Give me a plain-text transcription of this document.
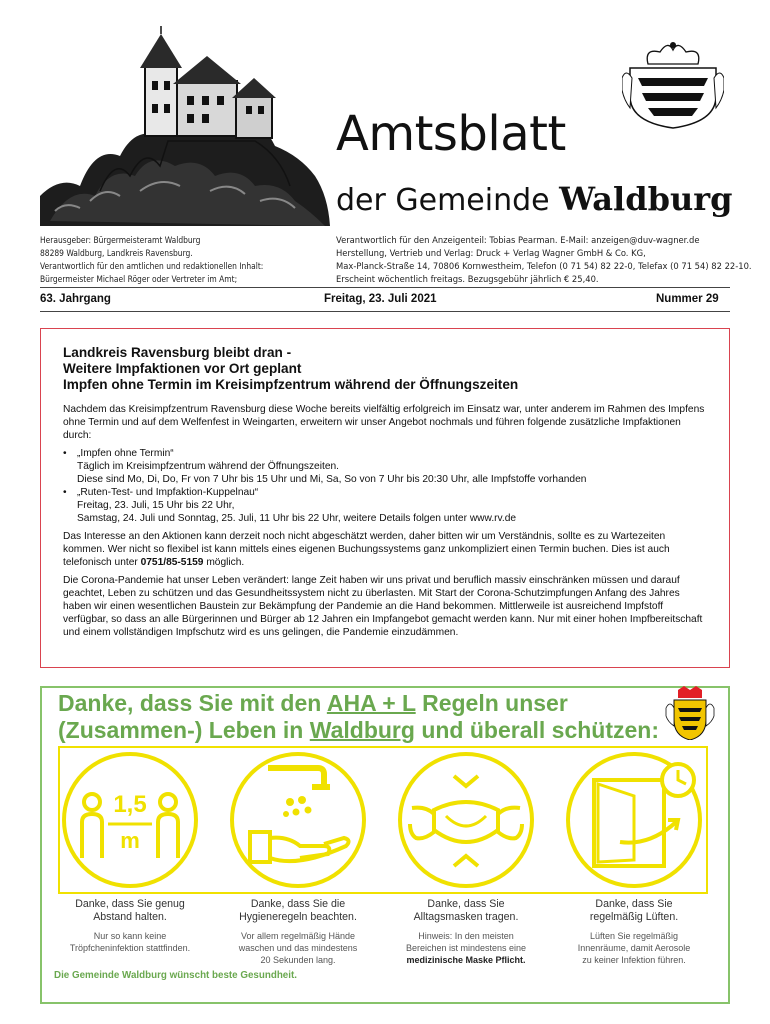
Amtsblatt
der Gemeinde Waldburg
Herausgeber: Bürgermeisteramt Waldburg
88289 Waldburg, Landkreis Ravensburg.
Verantwortlich für den amtlichen und redaktionellen Inhalt:
Bürgermeister Michael Röger oder Vertreter im Amt;
Verantwortlich für den Anzeigenteil: Tobias Pearman. E-Mail: anzeigen@duv-wagner.de
Herstellung, Vertrieb und Verlag: Druck + Verlag Wagner GmbH & Co. KG,
Max-Planck-Straße 14, 70806 Kornwestheim, Telefon (0 71 54) 82 22-0, Telefax (0 71 54) 82 22-10.
Erscheint wöchentlich freitags. Bezugsgebühr jährlich € 25,40.
63. Jahrgang	Freitag, 23. Juli 2021	Nummer 29
Landkreis Ravensburg bleibt dran -
Weitere Impfaktionen vor Ort geplant
Impfen ohne Termin im Kreisimpfzentrum während der Öffnungszeiten

Nachdem das Kreisimpfzentrum Ravensburg diese Woche bereits vielfältig erfolgreich im Einsatz war, unter anderem im Rahmen des Impfens ohne Termin und auf dem Welfenfest in Weingarten, erweitern wir unser Angebot nochmals und führen folgende zusätzliche Impfaktionen durch:

• „Impfen ohne Termin“
Täglich im Kreisimpfzentrum während der Öffnungszeiten.
Diese sind Mo, Di, Do, Fr von 7 Uhr bis 15 Uhr und Mi, Sa, So von 7 Uhr bis 20:30 Uhr, alle Impfstoffe vorhanden
• „Ruten-Test- und Impfaktion-Kuppelnau“
Freitag, 23. Juli, 15 Uhr bis 22 Uhr,
Samstag, 24. Juli und Sonntag, 25. Juli, 11 Uhr bis 22 Uhr, weitere Details folgen unter www.rv.de

Das Interesse an den Aktionen kann derzeit noch nicht abgeschätzt werden, daher bitten wir um Verständnis, sollte es zu Wartezeiten kommen. Wer nicht so flexibel ist kann mittels eines eigenen Buchungssystems ganz unkompliziert einen Termin buchen. Dies ist auch telefonisch unter 0751/85-5159 möglich.

Die Corona-Pandemie hat unser Leben verändert: lange Zeit haben wir uns privat und beruflich massiv einschränken müssen und darauf geachtet, Leben zu schützen und das Gesundheitssystem nicht zu überlasten. Mit Start der Corona-Schutzimpfungen Anfang des Jahres haben wir einen wesentlichen Baustein zur Bekämpfung der Pandemie an die Hand bekommen. Mittlerweile ist ausreichend Impfstoff verfügbar, so dass an alle Bürgerinnen und Bürger ab 12 Jahren ein Impfangebot gemacht werden kann. Nur mit einer hohen Impfbereitschaft und einem vollständigen Impfschutz wird es uns gelingen, die Pandemie einzudämmen.

Danke, dass Sie mit den AHA + L Regeln unser
(Zusammen-) Leben in Waldburg und überall schützen:
1,5
m
Danke, dass Sie genug
Abstand halten.
Nur so kann keine
Tröpfcheninfektion stattfinden.
Danke, dass Sie die
Hygieneregeln beachten.
Vor allem regelmäßig Hände
waschen und das mindestens
20 Sekunden lang.
Danke, dass Sie
Alltagsmasken tragen.
Hinweis: In den meisten
Bereichen ist mindestens eine
medizinische Maske Pflicht.
Danke, dass Sie
regelmäßig Lüften.
Lüften Sie regelmäßig
Innenräume, damit Aerosole
zu keiner Infektion führen.
Die Gemeinde Waldburg wünscht beste Gesundheit.
